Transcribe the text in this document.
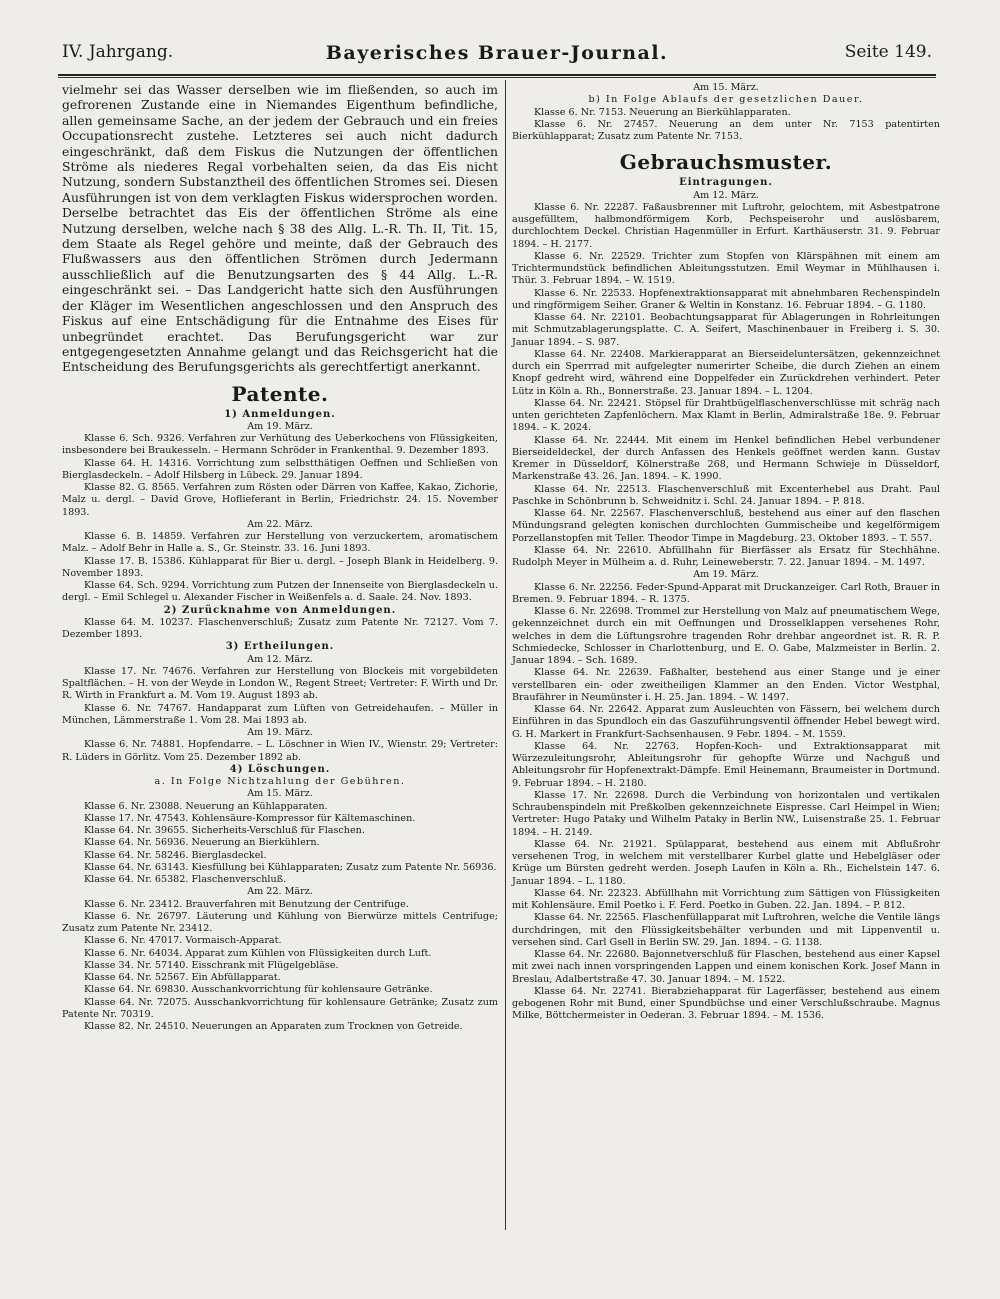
IV. Jahrgang.	Bayerisches Brauer-Journal.	Seite 149.

vielmehr sei das Wasser derselben wie im fließenden, so auch im gefrorenen Zustande eine in Niemandes Eigenthum befindliche, allen gemeinsame Sache, an der jedem der Gebrauch und ein freies Occupationsrecht zustehe. Letzteres sei auch nicht dadurch eingeschränkt, daß dem Fiskus die Nutzungen der öffentlichen Ströme als niederes Regal vorbehalten seien, da das Eis nicht Nutzung, sondern Substanztheil des öffentlichen Stromes sei. Diesen Ausführungen ist von dem verklagten Fiskus widersprochen worden. Derselbe betrachtet das Eis der öffentlichen Ströme als eine Nutzung derselben, welche nach § 38 des Allg. L.-R. Th. II, Tit. 15, dem Staate als Regel gehöre und meinte, daß der Gebrauch des Flußwassers aus den öffentlichen Strömen durch Jedermann ausschließlich auf die Benutzungsarten des § 44 Allg. L.-R. eingeschränkt sei. – Das Landgericht hatte sich den Ausführungen der Kläger im Wesentlichen angeschlossen und den Anspruch des Fiskus auf eine Entschädigung für die Entnahme des Eises für unbegründet erachtet. Das Berufungsgericht war zur entgegengesetzten Annahme gelangt und das Reichsgericht hat die Entscheidung des Berufungsgerichts als gerechtfertigt anerkannt.

Patente.
1) Anmeldungen.
Am 19. März.

Klasse 6. Sch. 9326. Verfahren zur Verhütung des Ueberkochens von Flüssigkeiten, insbesondere bei Braukesseln. – Hermann Schröder in Frankenthal. 9. Dezember 1893.

Klasse 64. H. 14316. Vorrichtung zum selbstthätigen Oeffnen und Schließen von Bierglasdeckeln. – Adolf Hilsberg in Lübeck. 29. Januar 1894.

Klasse 82. G. 8565. Verfahren zum Rösten oder Därren von Kaffee, Kakao, Zichorie, Malz u. dergl. – David Grove, Hoflieferant in Berlin, Friedrichstr. 24. 15. November 1893.

Am 22. März.

Klasse 6. B. 14859. Verfahren zur Herstellung von verzuckertem, aromatischem Malz. – Adolf Behr in Halle a. S., Gr. Steinstr. 33. 16. Juni 1893.

Klasse 17. B. 15386. Kühlapparat für Bier u. dergl. – Joseph Blank in Heidelberg. 9. November 1893.

Klasse 64. Sch. 9294. Vorrichtung zum Putzen der Innenseite von Bierglasdeckeln u. dergl. – Emil Schlegel u. Alexander Fischer in Weißenfels a. d. Saale. 24. Nov. 1893.

2) Zurücknahme von Anmeldungen.

Klasse 64. M. 10237. Flaschenverschluß; Zusatz zum Patente Nr. 72127. Vom 7. Dezember 1893.

3) Ertheilungen.
Am 12. März.

Klasse 17. Nr. 74676. Verfahren zur Herstellung von Blockeis mit vorgebildeten Spaltflächen. – H. von der Weyde in London W., Regent Street; Vertreter: F. Wirth und Dr. R. Wirth in Frankfurt a. M. Vom 19. August 1893 ab.

Klasse 6. Nr. 74767. Handapparat zum Lüften von Getreidehaufen. – Müller in München, Lämmerstraße 1. Vom 28. Mai 1893 ab.

Am 19. März.

Klasse 6. Nr. 74881. Hopfendarre. – L. Löschner in Wien IV., Wienstr. 29; Vertreter: R. Lüders in Görlitz. Vom 25. Dezember 1892 ab.

4) Löschungen.
a. In Folge Nichtzahlung der Gebühren.
Am 15. März.

Klasse 6. Nr. 23088. Neuerung an Kühlapparaten.

Klasse 17. Nr. 47543. Kohlensäure-Kompressor für Kältemaschinen.

Klasse 64. Nr. 39655. Sicherheits-Verschluß für Flaschen.

Klasse 64. Nr. 56936. Neuerung an Bierkühlern.

Klasse 64. Nr. 58246. Bierglasdeckel.

Klasse 64. Nr. 63143. Kiesfüllung bei Kühlapparaten; Zusatz zum Patente Nr. 56936.

Klasse 64. Nr. 65382. Flaschenverschluß.

Am 22. März.

Klasse 6. Nr. 23412. Brauverfahren mit Benutzung der Centrifuge.

Klasse 6. Nr. 26797. Läuterung und Kühlung von Bierwürze mittels Centrifuge; Zusatz zum Patente Nr. 23412.

Klasse 6. Nr. 47017. Vormaisch-Apparat.

Klasse 6. Nr. 64034. Apparat zum Kühlen von Flüssigkeiten durch Luft.

Klasse 34. Nr. 57140. Eisschrank mit Flügelgebläse.

Klasse 64. Nr. 52567. Ein Abfüllapparat.

Klasse 64. Nr. 69830. Ausschankvorrichtung für kohlensaure Getränke.

Klasse 64. Nr. 72075. Ausschankvorrichtung für kohlensaure Getränke; Zusatz zum Patente Nr. 70319.

Klasse 82. Nr. 24510. Neuerungen an Apparaten zum Trocknen von Getreide.

Am 15. März.
b) In Folge Ablaufs der gesetzlichen Dauer.

Klasse 6. Nr. 7153. Neuerung an Bierkühlapparaten.

Klasse 6. Nr. 27457. Neuerung an dem unter Nr. 7153 patentirten Bierkühlapparat; Zusatz zum Patente Nr. 7153.

Gebrauchsmuster.
Eintragungen.
Am 12. März.

Klasse 6. Nr. 22287. Faßausbrenner mit Luftrohr, gelochtem, mit Asbestpatrone ausgefülltem, halbmondförmigem Korb, Pechspeiserohr und auslösbarem, durchlochtem Deckel. Christian Hagenmüller in Erfurt. Karthäuserstr. 31. 9. Februar 1894. – H. 2177.

Klasse 6. Nr. 22529. Trichter zum Stopfen von Klärspähnen mit einem am Trichtermundstück befindlichen Ableitungsstutzen. Emil Weymar in Mühlhausen i. Thür. 3. Februar 1894. – W. 1519.

Klasse 6. Nr. 22533. Hopfenextraktionsapparat mit abnehmbaren Rechenspindeln und ringförmigem Seiher. Graner & Weltin in Konstanz. 16. Februar 1894. – G. 1180.

Klasse 64. Nr. 22101. Beobachtungsapparat für Ablagerungen in Rohrleitungen mit Schmutzablagerungsplatte. C. A. Seifert, Maschinenbauer in Freiberg i. S. 30. Januar 1894. – S. 987.

Klasse 64. Nr. 22408. Markierapparat an Bierseideluntersätzen, gekennzeichnet durch ein Sperrrad mit aufgelegter numerirter Scheibe, die durch Ziehen an einem Knopf gedreht wird, während eine Doppelfeder ein Zurückdrehen verhindert. Peter Lütz in Köln a. Rh., Bonnerstraße. 23. Januar 1894. – L. 1204.

Klasse 64. Nr. 22421. Stöpsel für Drahtbügelflaschenverschlüsse mit schräg nach unten gerichteten Zapfenlöchern. Max Klamt in Berlin, Admiralstraße 18e. 9. Februar 1894. – K. 2024.

Klasse 64. Nr. 22444. Mit einem im Henkel befindlichen Hebel verbundener Bierseideldeckel, der durch Anfassen des Henkels geöffnet werden kann. Gustav Kremer in Düsseldorf, Kölnerstraße 268, und Hermann Schwieje in Düsseldorf, Markenstraße 43. 26. Jan. 1894. – K. 1990.

Klasse 64. Nr. 22513. Flaschenverschluß mit Excenterhebel aus Draht. Paul Paschke in Schönbrunn b. Schweidnitz i. Schl. 24. Januar 1894. – P. 818.

Klasse 64. Nr. 22567. Flaschenverschluß, bestehend aus einer auf den flaschen Mündungsrand gelegten konischen durchlochten Gummischeibe und kegelförmigem Porzellanstopfen mit Teller. Theodor Timpe in Magdeburg. 23. Oktober 1893. – T. 557.

Klasse 64. Nr. 22610. Abfüllhahn für Bierfässer als Ersatz für Stechhähne. Rudolph Meyer in Mülheim a. d. Ruhr, Leineweberstr. 7. 22. Januar 1894. – M. 1497.

Am 19. März.

Klasse 6. Nr. 22256. Feder-Spund-Apparat mit Druckanzeiger. Carl Roth, Brauer in Bremen. 9. Februar 1894. – R. 1375.

Klasse 6. Nr. 22698. Trommel zur Herstellung von Malz auf pneumatischem Wege, gekennzeichnet durch ein mit Oeffnungen und Drosselklappen versehenes Rohr, welches in dem die Lüftungsrohre tragenden Rohr drehbar angeordnet ist. R. R. P. Schmiedecke, Schlosser in Charlottenburg, und E. O. Gabe, Malzmeister in Berlin. 2. Januar 1894. – Sch. 1689.

Klasse 64. Nr. 22639. Faßhalter, bestehend aus einer Stange und je einer verstellbaren ein- oder zweitheiligen Klammer an den Enden. Victor Westphal, Braufährer in Neumünster i. H. 25. Jan. 1894. – W. 1497.

Klasse 64. Nr. 22642. Apparat zum Ausleuchten von Fässern, bei welchem durch Einführen in das Spundloch ein das Gaszuführungsventil öffnender Hebel bewegt wird. G. H. Markert in Frankfurt-Sachsenhausen. 9 Febr. 1894. – M. 1559.

Klasse 64. Nr. 22763. Hopfen-Koch- und Extraktionsapparat mit Würzezuleitungsrohr, Ableitungsrohr für gehopfte Würze und Nachguß und Ableitungsrohr für Hopfenextrakt-Dämpfe. Emil Heinemann, Braumeister in Dortmund. 9. Februar 1894. – H. 2180.

Klasse 17. Nr. 22698. Durch die Verbindung von horizontalen und vertikalen Schraubenspindeln mit Preßkolben gekennzeichnete Eispresse. Carl Heimpel in Wien; Vertreter: Hugo Pataky und Wilhelm Pataky in Berlin NW., Luisenstraße 25. 1. Februar 1894. – H. 2149.

Klasse 64. Nr. 21921. Spülapparat, bestehend aus einem mit Abflußrohr versehenen Trog, in welchem mit verstellbarer Kurbel glatte und Hebelgläser oder Krüge um Bürsten gedreht werden. Joseph Laufen in Köln a. Rh., Eichelstein 147. 6. Januar 1894. – L. 1180.

Klasse 64. Nr. 22323. Abfüllhahn mit Vorrichtung zum Sättigen von Flüssigkeiten mit Kohlensäure. Emil Poetko i. F. Ferd. Poetko in Guben. 22. Jan. 1894. – P. 812.

Klasse 64. Nr. 22565. Flaschenfüllapparat mit Luftrohren, welche die Ventile längs durchdringen, mit den Flüssigkeitsbehälter verbunden und mit Lippenventil u. versehen sind. Carl Gsell in Berlin SW. 29. Jan. 1894. – G. 1138.

Klasse 64. Nr. 22680. Bajonnetverschluß für Flaschen, bestehend aus einer Kapsel mit zwei nach innen vorspringenden Lappen und einem konischen Kork. Josef Mann in Breslau, Adalbertstraße 47. 30. Januar 1894. – M. 1522.

Klasse 64. Nr. 22741. Bierabziehapparat für Lagerfässer, bestehend aus einem gebogenen Rohr mit Bund, einer Spundbüchse und einer Verschlußschraube. Magnus Milke, Böttchermeister in Oederan. 3. Februar 1894. – M. 1536.
